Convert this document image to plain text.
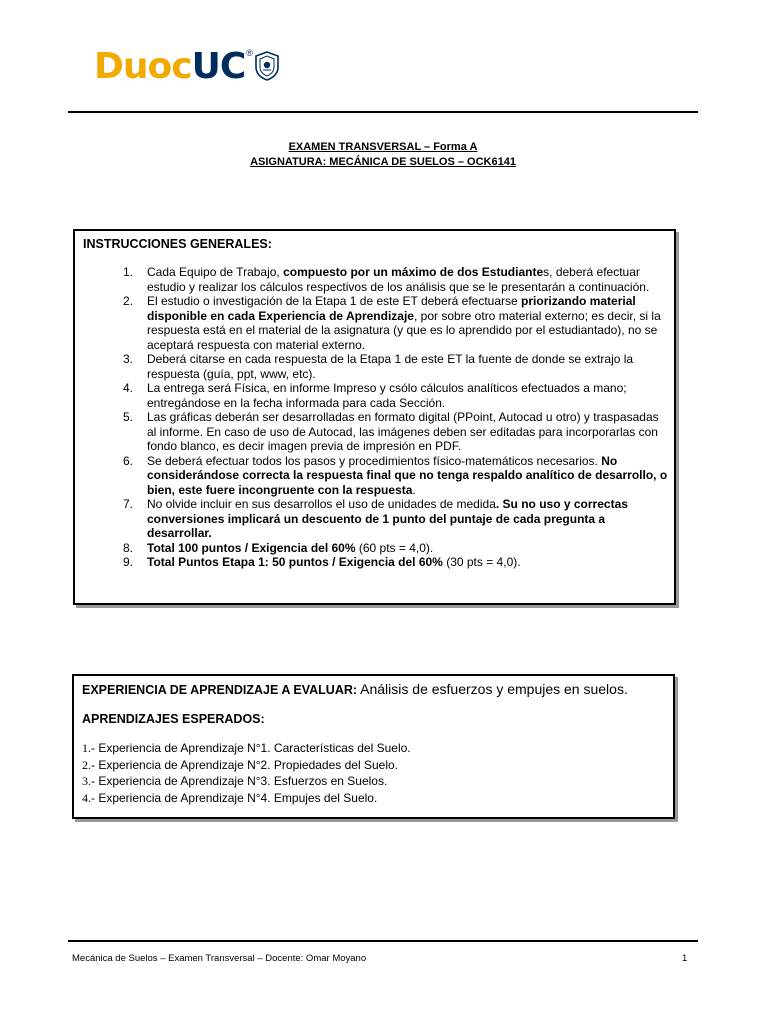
Duoc UC ®
EXAMEN TRANSVERSAL – Forma A
ASIGNATURA: MECÁNICA DE SUELOS – OCK6141
INSTRUCCIONES GENERALES:
1. Cada Equipo de Trabajo, compuesto por un máximo de dos Estudiantes, deberá efectuar estudio y realizar los cálculos respectivos de los análisis que se le presentarán a continuación.
2. El estudio o investigación de la Etapa 1 de este ET deberá efectuarse priorizando material disponible en cada Experiencia de Aprendizaje, por sobre otro material externo; es decir, si la respuesta está en el material de la asignatura (y que es lo aprendido por el estudiantado), no se aceptará respuesta con material externo.
3. Deberá citarse en cada respuesta de la Etapa 1 de este ET la fuente de donde se extrajo la respuesta (guía, ppt, www, etc).
4. La entrega será Física, en informe Impreso y csólo cálculos analíticos efectuados a mano; entregándose en la fecha informada para cada Sección.
5. Las gráficas deberán ser desarrolladas en formato digital (PPoint, Autocad u otro) y traspasadas al informe. En caso de uso de Autocad, las imágenes deben ser editadas para incorporarlas con fondo blanco, es decir imagen previa de impresión en PDF.
6. Se deberá efectuar todos los pasos y procedimientos físico-matemáticos necesarios. No considerándose correcta la respuesta final que no tenga respaldo analítico de desarrollo, o bien, este fuere incongruente con la respuesta.
7. No olvide incluir en sus desarrollos el uso de unidades de medida. Su no uso y correctas conversiones implicará un descuento de 1 punto del puntaje de cada pregunta a desarrollar.
8. Total 100 puntos / Exigencia del 60% (60 pts = 4,0).
9. Total Puntos Etapa 1: 50 puntos / Exigencia del 60% (30 pts = 4,0).
EXPERIENCIA DE APRENDIZAJE A EVALUAR: Análisis de esfuerzos y empujes en suelos.
APRENDIZAJES ESPERADOS:
1.- Experiencia de Aprendizaje N°1. Características del Suelo.
2.- Experiencia de Aprendizaje N°2. Propiedades del Suelo.
3.- Experiencia de Aprendizaje N°3. Esfuerzos en Suelos.
4.- Experiencia de Aprendizaje N°4. Empujes del Suelo.
Mecánica de Suelos – Examen Transversal – Docente: Omar Moyano	1
